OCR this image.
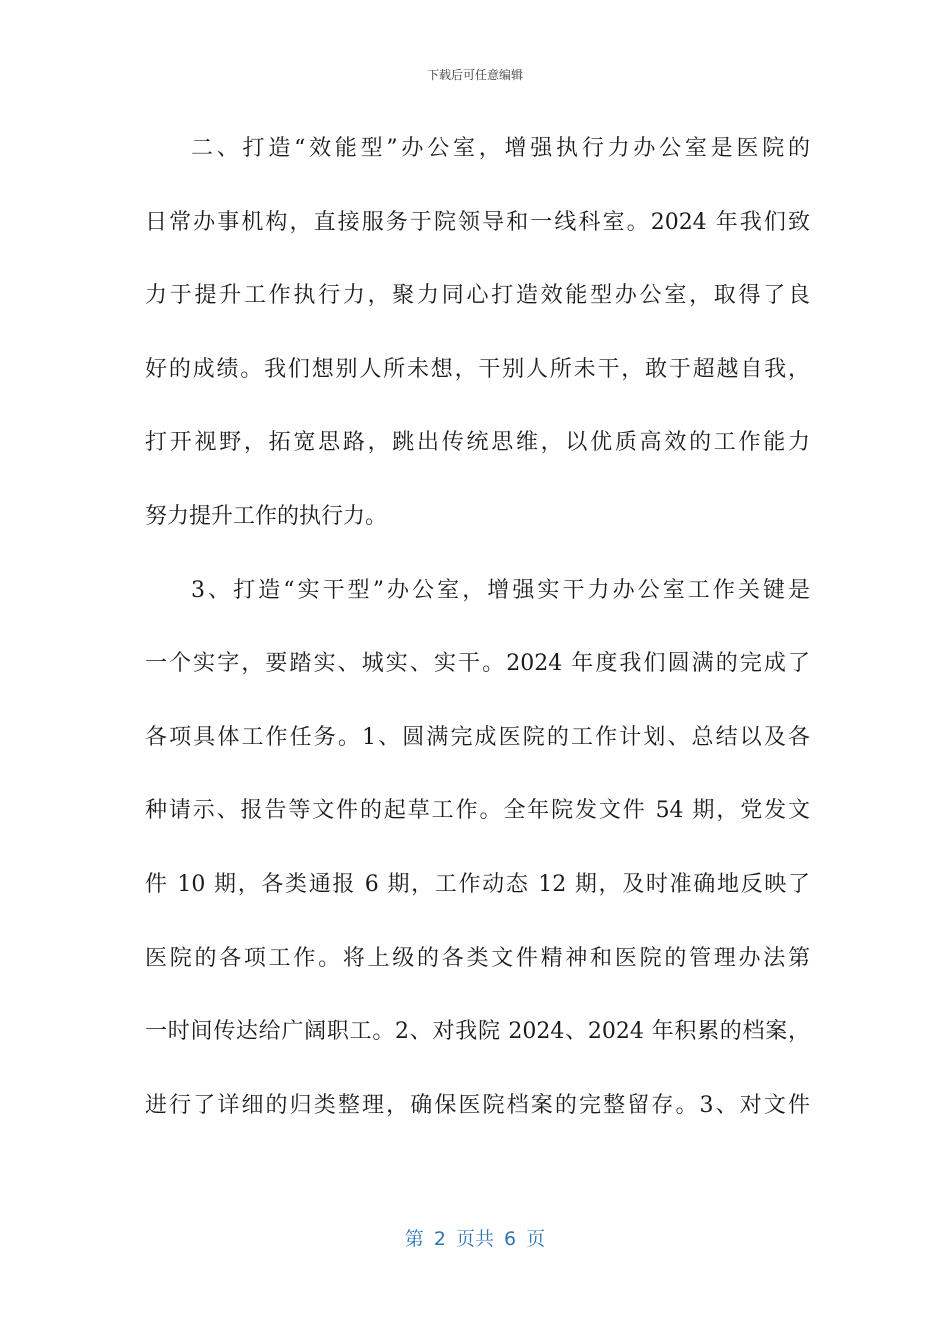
下载后可任意编辑
二、打造“效能型”办公室，增强执行力办公室是医院的
日常办事机构，直接服务于院领导和一线科室。2024 年我们致
力于提升工作执行力，聚力同心打造效能型办公室，取得了良
好的成绩。我们想别人所未想，干别人所未干，敢于超越自我，
打开视野，拓宽思路，跳出传统思维，以优质高效的工作能力
努力提升工作的执行力。
3、打造“实干型”办公室，增强实干力办公室工作关键是
一个实字，要踏实、城实、实干。2024 年度我们圆满的完成了
各项具体工作任务。1、圆满完成医院的工作计划、总结以及各
种请示、报告等文件的起草工作。全年院发文件 54 期，党发文
件 10 期，各类通报 6 期，工作动态 12 期，及时准确地反映了
医院的各项工作。将上级的各类文件精神和医院的管理办法第
一时间传达给广阔职工。2、对我院 2024、2024 年积累的档案，
进行了详细的归类整理，确保医院档案的完整留存。3、对文件
第 2 页共 6 页
